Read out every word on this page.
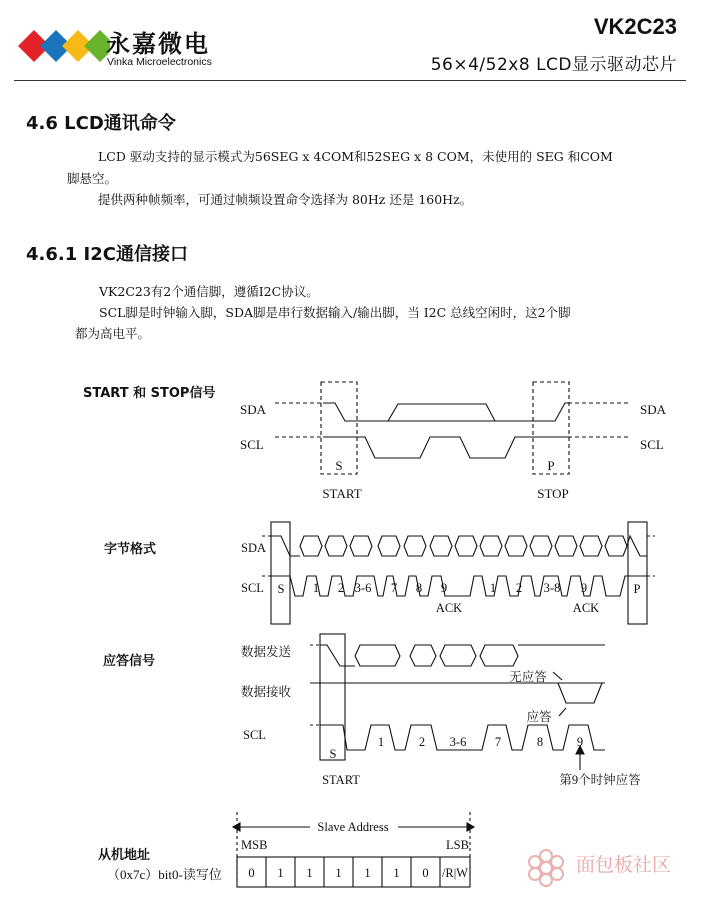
永嘉微电
Vinka Microelectronics
VK2C23
56×4/52x8 LCD显示驱动芯片
4.6 LCD通讯命令
LCD 驱动支持的显示模式为56SEG x 4COM和52SEG x 8 COM，未使用的 SEG 和COM
脚悬空。
提供两种帧频率，可通过帧频设置命令选择为 80Hz 还是 160Hz。
4.6.1 I2C通信接口
VK2C23有2个通信脚，遵循I2C协议。
SCL脚是时钟输入脚，SDA脚是串行数据输入/输出脚，当 I2C 总线空闲时，这2个脚
都为高电平。
START 和 STOP信号
字节格式
应答信号
从机地址
（0x7c）bit0-读写位
SDA
SCL
SDA
SCL
S	P
START	STOP
SDA
SCL S	P
1 2 3-6 7 8 9	1 2 3-8 9
ACK	ACK
数据发送
数据接收
SCL
S
START
无应答
应答
1	2 3-6 7	8	9
第9个时钟应答
Slave Address
MSB	LSB
0 1 1 1 1 1 0 /R|W	面包板社区
